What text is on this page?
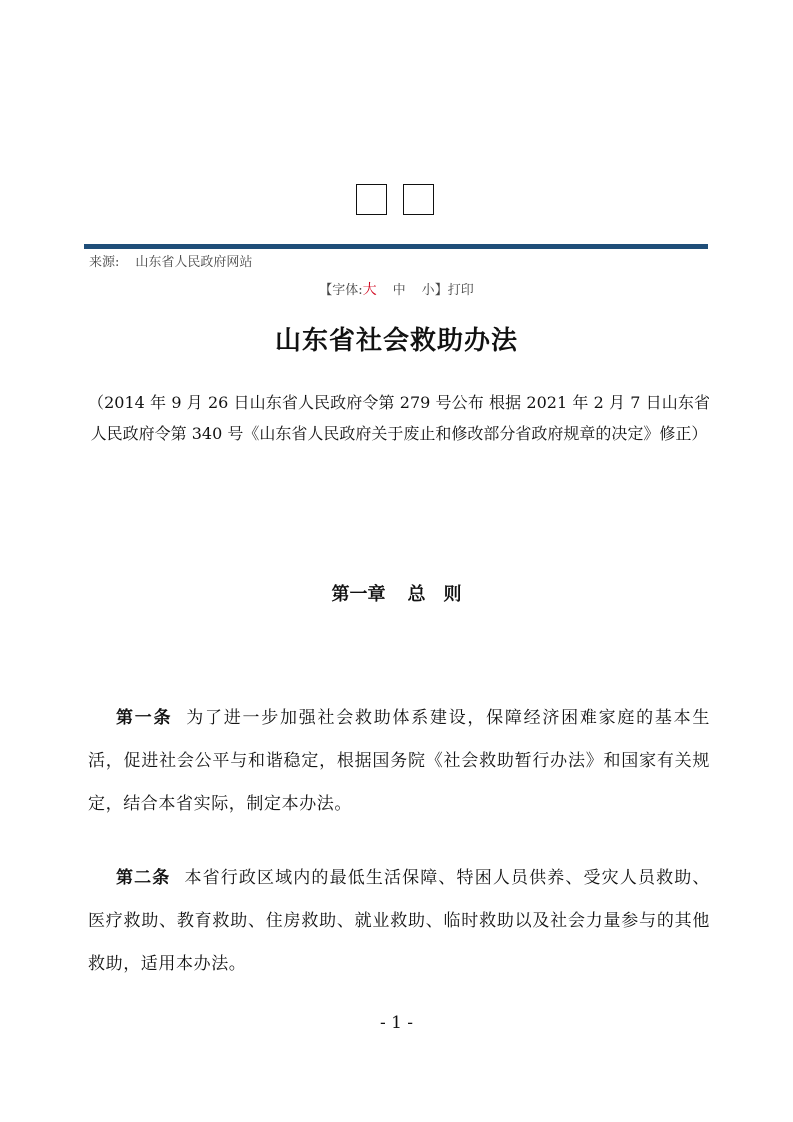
来源: 山东省人民政府网站
【字体:大 中 小】打印
山东省社会救助办法
（2014 年 9 月 26 日山东省人民政府令第 279 号公布 根据 2021 年 2 月 7 日山东省人民政府令第 340 号《山东省人民政府关于废止和修改部分省政府规章的决定》修正）
第一章 总　则
第一条 为了进一步加强社会救助体系建设，保障经济困难家庭的基本生活，促进社会公平与和谐稳定，根据国务院《社会救助暂行办法》和国家有关规定，结合本省实际，制定本办法。
第二条 本省行政区域内的最低生活保障、特困人员供养、受灾人员救助、医疗救助、教育救助、住房救助、就业救助、临时救助以及社会力量参与的其他救助，适用本办法。
- 1 -
